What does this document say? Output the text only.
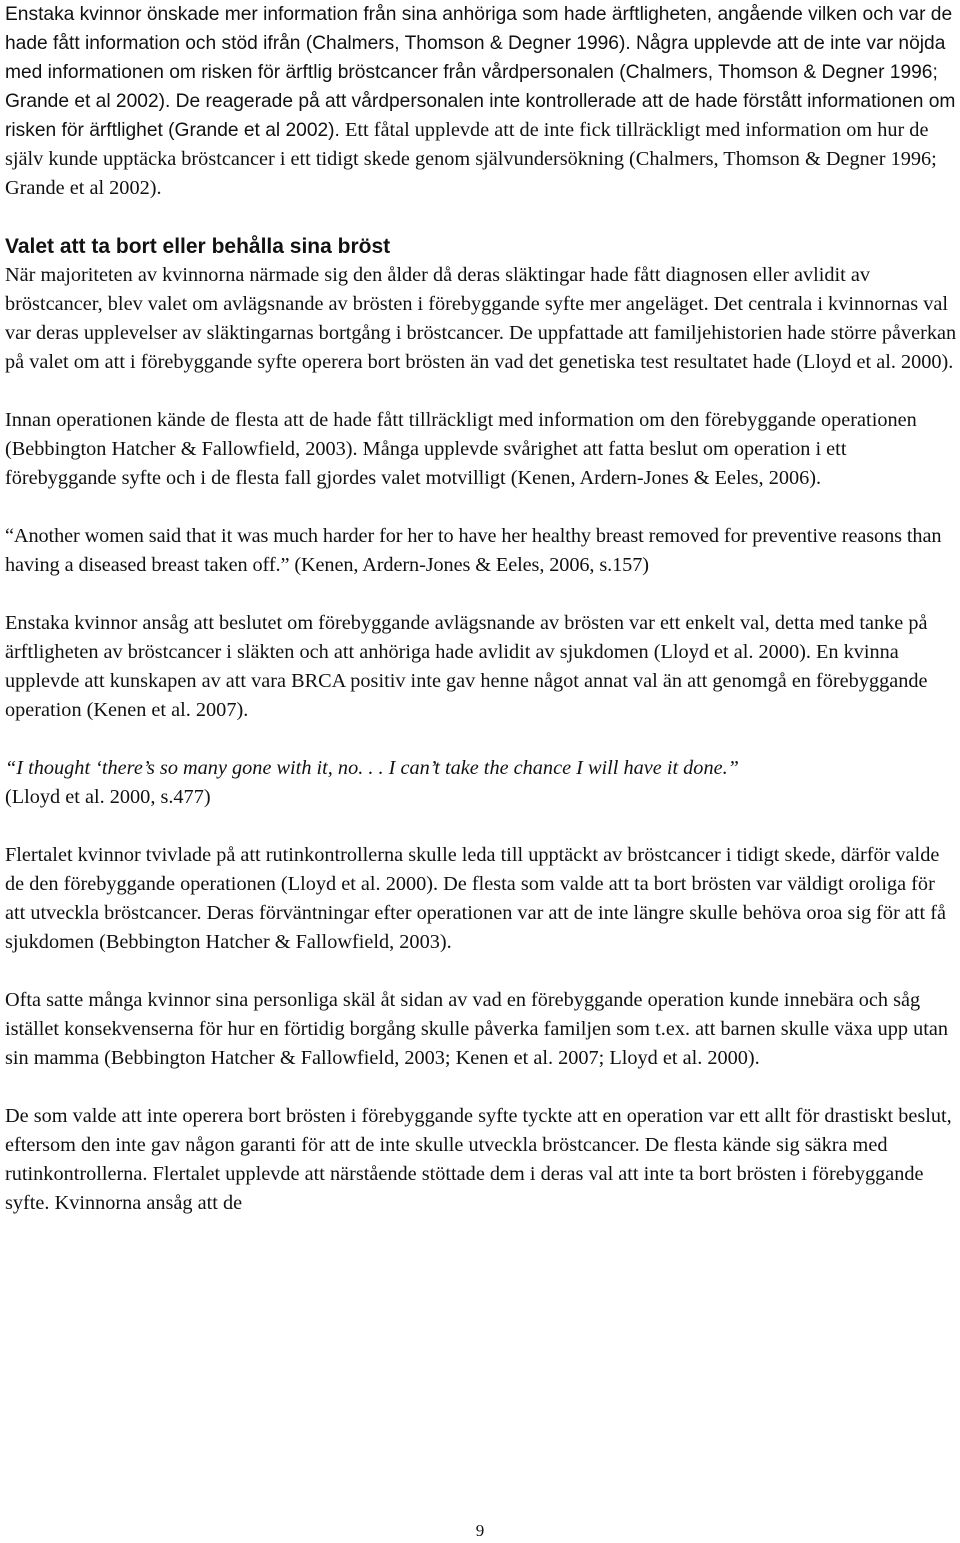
Enstaka kvinnor önskade mer information från sina anhöriga som hade ärftligheten, angående vilken och var de hade fått information och stöd ifrån (Chalmers, Thomson & Degner 1996). Några upplevde att de inte var nöjda med informationen om risken för ärftlig bröstcancer från vårdpersonalen (Chalmers, Thomson & Degner 1996; Grande et al 2002). De reagerade på att vårdpersonalen inte kontrollerade att de hade förstått informationen om risken för ärftlighet (Grande et al 2002). Ett fåtal upplevde att de inte fick tillräckligt med information om hur de själv kunde upptäcka bröstcancer i ett tidigt skede genom självundersökning (Chalmers, Thomson & Degner 1996; Grande et al 2002).

Valet att ta bort eller behålla sina bröst

När majoriteten av kvinnorna närmade sig den ålder då deras släktingar hade fått diagnosen eller avlidit av bröstcancer, blev valet om avlägsnande av brösten i förebyggande syfte mer angeläget. Det centrala i kvinnornas val var deras upplevelser av släktingarnas bortgång i bröstcancer. De uppfattade att familjehistorien hade större påverkan på valet om att i förebyggande syfte operera bort brösten än vad det genetiska test resultatet hade (Lloyd et al. 2000).

Innan operationen kände de flesta att de hade fått tillräckligt med information om den förebyggande operationen (Bebbington Hatcher & Fallowfield, 2003). Många upplevde svårighet att fatta beslut om operation i ett förebyggande syfte och i de flesta fall gjordes valet motvilligt (Kenen, Ardern-Jones & Eeles, 2006).

“Another women said that it was much harder for her to have her healthy breast removed for preventive reasons than having a diseased breast taken off.” (Kenen, Ardern-Jones & Eeles, 2006, s.157)

Enstaka kvinnor ansåg att beslutet om förebyggande avlägsnande av brösten var ett enkelt val, detta med tanke på ärftligheten av bröstcancer i släkten och att anhöriga hade avlidit av sjukdomen (Lloyd et al. 2000). En kvinna upplevde att kunskapen av att vara BRCA positiv inte gav henne något annat val än att genomgå en förebyggande operation (Kenen et al. 2007).

“I thought ‘there’s so many gone with it, no. . . I can’t take the chance I will have it done.”
(Lloyd et al. 2000, s.477)

Flertalet kvinnor tvivlade på att rutinkontrollerna skulle leda till upptäckt av bröstcancer i tidigt skede, därför valde de den förebyggande operationen (Lloyd et al. 2000). De flesta som valde att ta bort brösten var väldigt oroliga för att utveckla bröstcancer. Deras förväntningar efter operationen var att de inte längre skulle behöva oroa sig för att få sjukdomen (Bebbington Hatcher & Fallowfield, 2003).

Ofta satte många kvinnor sina personliga skäl åt sidan av vad en förebyggande operation kunde innebära och såg istället konsekvenserna för hur en förtidig borgång skulle påverka familjen som t.ex. att barnen skulle växa upp utan sin mamma (Bebbington Hatcher & Fallowfield, 2003; Kenen et al. 2007; Lloyd et al. 2000).

De som valde att inte operera bort brösten i förebyggande syfte tyckte att en operation var ett allt för drastiskt beslut, eftersom den inte gav någon garanti för att de inte skulle utveckla bröstcancer. De flesta kände sig säkra med rutinkontrollerna. Flertalet upplevde att närstående stöttade dem i deras val att inte ta bort brösten i förebyggande syfte. Kvinnorna ansåg att de

9
